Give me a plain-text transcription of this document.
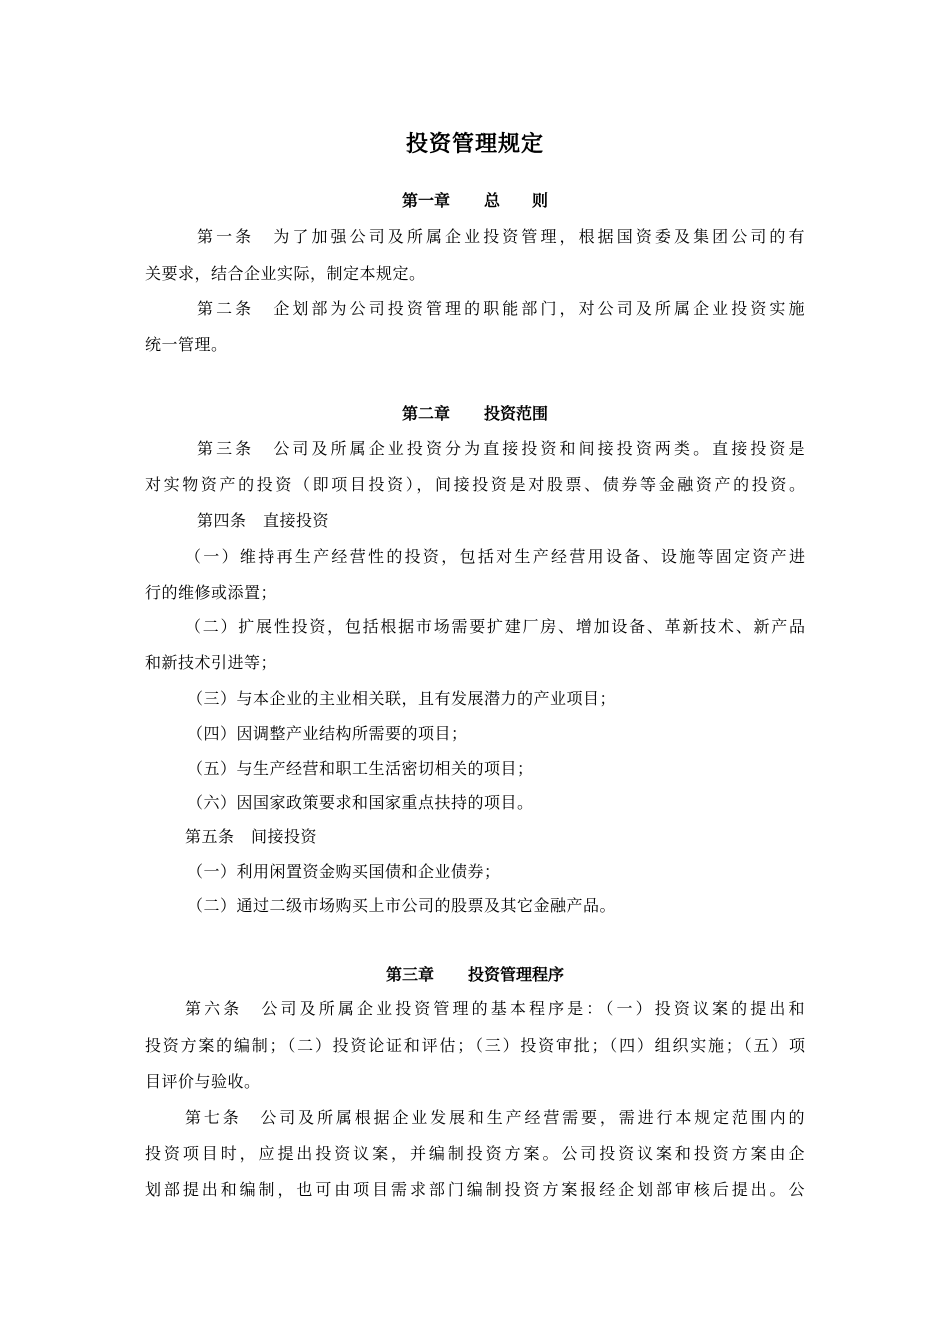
投资管理规定
第一章 总　　则
第一条　为了加强公司及所属企业投资管理，根据国资委及集团公司的有
关要求，结合企业实际，制定本规定。
第二条　企划部为公司投资管理的职能部门，对公司及所属企业投资实施
统一管理。
第二章 投资范围
第三条　公司及所属企业投资分为直接投资和间接投资两类。直接投资是
对实物资产的投资（即项目投资），间接投资是对股票、债券等金融资产的投资。
第四条　直接投资
（一）维持再生产经营性的投资，包括对生产经营用设备、设施等固定资产进
行的维修或添置；
（二）扩展性投资，包括根据市场需要扩建厂房、增加设备、革新技术、新产品
和新技术引进等；
（三）与本企业的主业相关联，且有发展潜力的产业项目；
（四）因调整产业结构所需要的项目；
（五）与生产经营和职工生活密切相关的项目；
（六）因国家政策要求和国家重点扶持的项目。
第五条　间接投资
（一）利用闲置资金购买国债和企业债券；
（二）通过二级市场购买上市公司的股票及其它金融产品。
第三章 投资管理程序
第六条　公司及所属企业投资管理的基本程序是：（一）投资议案的提出和
投资方案的编制；（二）投资论证和评估；（三）投资审批；（四）组织实施；（五）项
目评价与验收。
第七条　公司及所属根据企业发展和生产经营需要，需进行本规定范围内的
投资项目时，应提出投资议案，并编制投资方案。公司投资议案和投资方案由企
划部提出和编制，也可由项目需求部门编制投资方案报经企划部审核后提出。公
